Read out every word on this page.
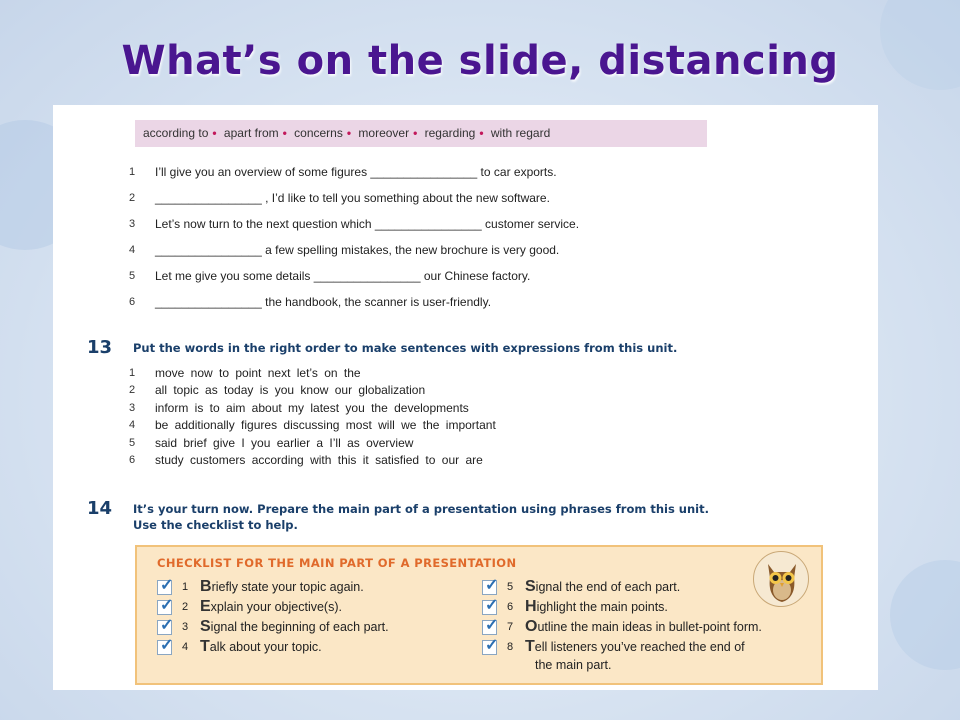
What’s on the slide, distancing
according to • apart from • concerns • moreover • regarding • with regard
1	I’ll give you an overview of some figures ________________ to car exports.
2	________________ , I’d like to tell you something about the new software.
3	Let’s now turn to the next question which ________________ customer service.
4	________________ a few spelling mistakes, the new brochure is very good.
5	Let me give you some details ________________ our Chinese factory.
6	________________ the handbook, the scanner is user-friendly.
13 Put the words in the right order to make sentences with expressions from this unit.
1	move now to point next let’s on the
2	all topic as today is you know our globalization
3	inform is to aim about my latest you the developments
4	be additionally figures discussing most will we the important
5	said brief give I you earlier a I’ll as overview
6	study customers according with this it satisfied to our are
14 It’s your turn now. Prepare the main part of a presentation using phrases from this unit.
Use the checklist to help.
CHECKLIST FOR THE MAIN PART OF A PRESENTATION
✓ 1 B riefly state your topic again.
✓ 2 E xplain your objective(s).
✓ 3 S ignal the beginning of each part.
✓ 4 T alk about your topic.
✓ 5 S ignal the end of each part.
✓ 6 H ighlight the main points.
✓ 7 O utline the main ideas in bullet-point form.
✓ 8 T ell listeners you’ve reached the end of
the main part.
